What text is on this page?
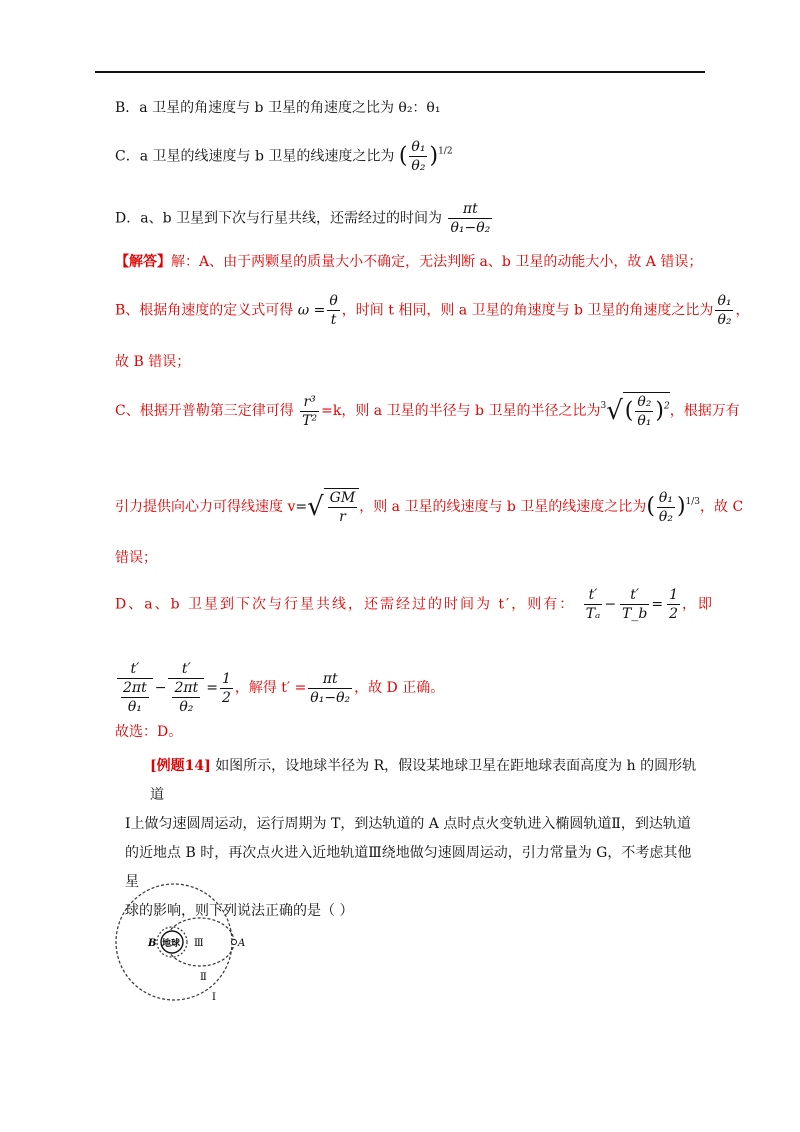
B．a 卫星的角速度与 b 卫星的角速度之比为 θ₂：θ₁
C．a 卫星的线速度与 b 卫星的线速度之比为 ( $\frac{\text{θ₁}}{\text{θ₂}} )^{1/2}$
D．a、b 卫星到下次与行星共线，还需经过的时间为 $\frac{\pi t}{\text{θ₁−θ₂}}$
【解答】解：A、由于两颗星的质量大小不确定，无法判断 a、b 卫星的动能大小，故 A 错误；
B、根据角速度的定义式可得 $\omega = \frac{\theta}{t}$ ，时间 t 相同，则 a 卫星的角速度与 b 卫星的角速度之比为 $\frac{\text{θ₁}}{\text{θ₂}}$ ，
故 B 错误；
C、根据开普勒第三定律可得 $\frac{\text{r³}}{\text{T²}} =k$，则 a 卫星的半径与 b 卫星的半径之比为$^3√( \frac{\text{θ₂}}{\text{θ₁}} )^2$，根据万有
引力提供向心力可得线速度 $v=√ \frac{GM}{r}$ ，则 a 卫星的线速度与 b 卫星的线速度之比为( $\frac{\text{θ₁}}{\text{θ₂}} )^{1/3}$，故 C
错误；
D、a、b 卫星到下次与行星共线，还需经过的时间为 t′，则有： $\frac{t'}{\text{Tₐ}} - \frac{t'}{T\_b} = \frac{1}{2}$ ，即
$\frac{t'}{\frac{2\pi t}{\text{θ₁}}} - \frac{t'}{\frac{2\pi t}{\text{θ₂}}} = \frac{1}{2}$ ，解得 $t' = \frac{\pi t}{\text{θ₁−θ₂}}$ ，故 D 正确。
故选：D。
[例题14] 如图所示，设地球半径为 R，假设某地球卫星在距地球表面高度为 h 的圆形轨道
Ⅰ上做匀速圆周运动，运行周期为 T，到达轨道的 A 点时点火变轨进入椭圆轨道Ⅱ，到达轨道
的近地点 B 时，再次点火进入近地轨道Ⅲ绕地做匀速圆周运动，引力常量为 G，不考虑其他星
球的影响，则下列说法正确的是（ ）
B 地球 Ⅲ	A
Ⅱ
Ⅰ
